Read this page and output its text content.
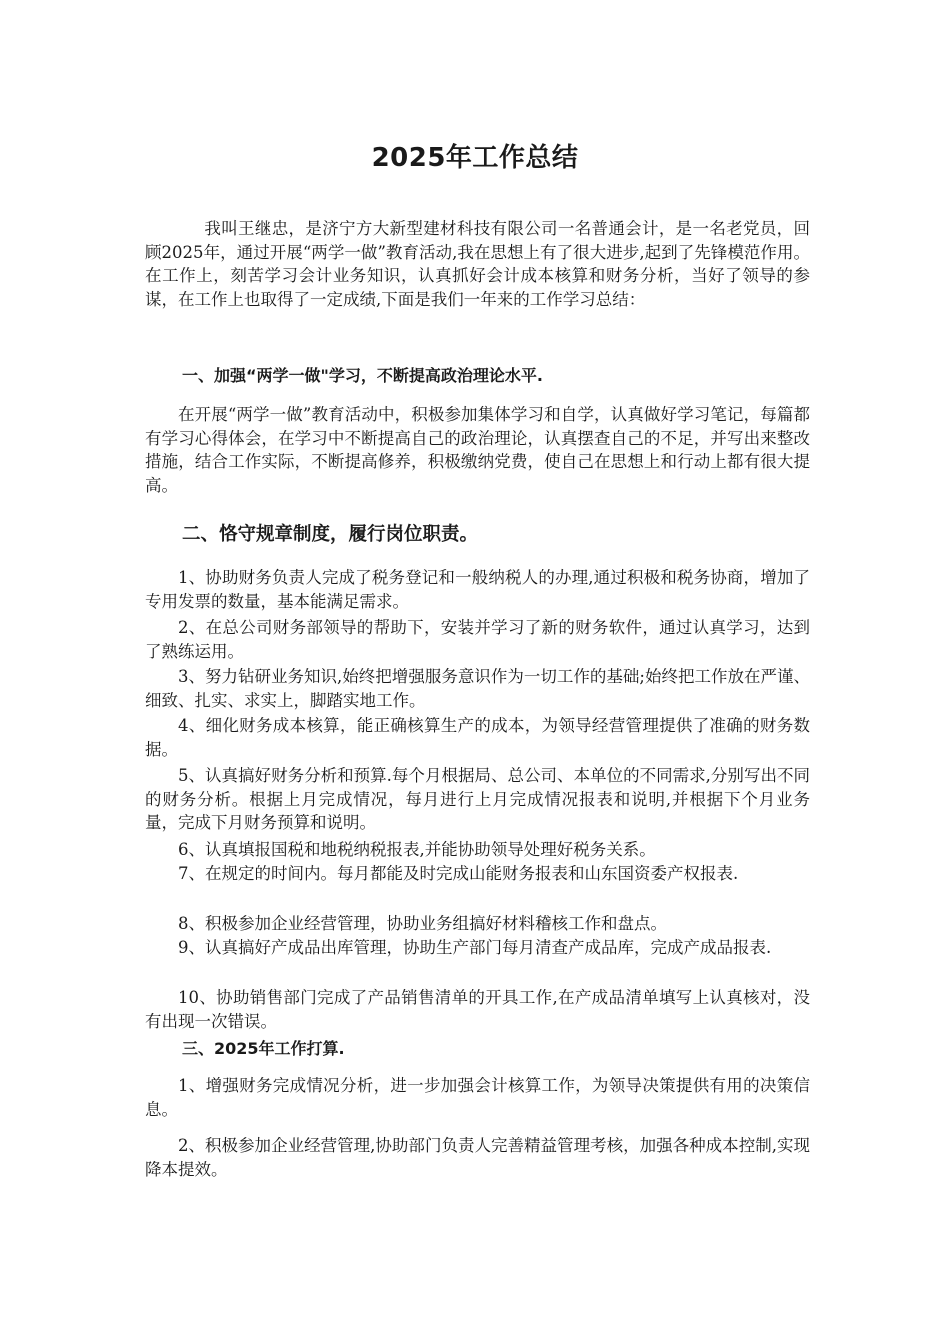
2025年工作总结

我叫王继忠，是济宁方大新型建材科技有限公司一名普通会计，是一名老党员，回顾2025年，通过开展“两学一做”教育活动,我在思想上有了很大进步,起到了先锋模范作用。在工作上，刻苦学习会计业务知识，认真抓好会计成本核算和财务分析，当好了领导的参谋，在工作上也取得了一定成绩,下面是我们一年来的工作学习总结：

一、加强“两学一做"学习，不断提高政治理论水平.

在开展“两学一做”教育活动中，积极参加集体学习和自学，认真做好学习笔记，每篇都有学习心得体会，在学习中不断提高自己的政治理论，认真摆查自己的不足，并写出来整改措施，结合工作实际，不断提高修养，积极缴纳党费，使自己在思想上和行动上都有很大提高。

二、恪守规章制度，履行岗位职责。

1、协助财务负责人完成了税务登记和一般纳税人的办理,通过积极和税务协商，增加了专用发票的数量，基本能满足需求。

2、在总公司财务部领导的帮助下，安装并学习了新的财务软件，通过认真学习，达到了熟练运用。

3、努力钻研业务知识,始终把增强服务意识作为一切工作的基础;始终把工作放在严谨、细致、扎实、求实上，脚踏实地工作。

4、细化财务成本核算，能正确核算生产的成本，为领导经营管理提供了准确的财务数据。

5、认真搞好财务分析和预算.每个月根据局、总公司、本单位的不同需求,分别写出不同的财务分析。根据上月完成情况，每月进行上月完成情况报表和说明,并根据下个月业务量，完成下月财务预算和说明。

6、认真填报国税和地税纳税报表,并能协助领导处理好税务关系。

7、在规定的时间内。每月都能及时完成山能财务报表和山东国资委产权报表.

8、积极参加企业经营管理，协助业务组搞好材料稽核工作和盘点。

9、认真搞好产成品出库管理，协助生产部门每月清查产成品库，完成产成品报表.

10、协助销售部门完成了产品销售清单的开具工作,在产成品清单填写上认真核对，没有出现一次错误。

三、2025年工作打算.

1、增强财务完成情况分析，进一步加强会计核算工作，为领导决策提供有用的决策信息。

2、积极参加企业经营管理,协助部门负责人完善精益管理考核，加强各种成本控制,实现降本提效。
